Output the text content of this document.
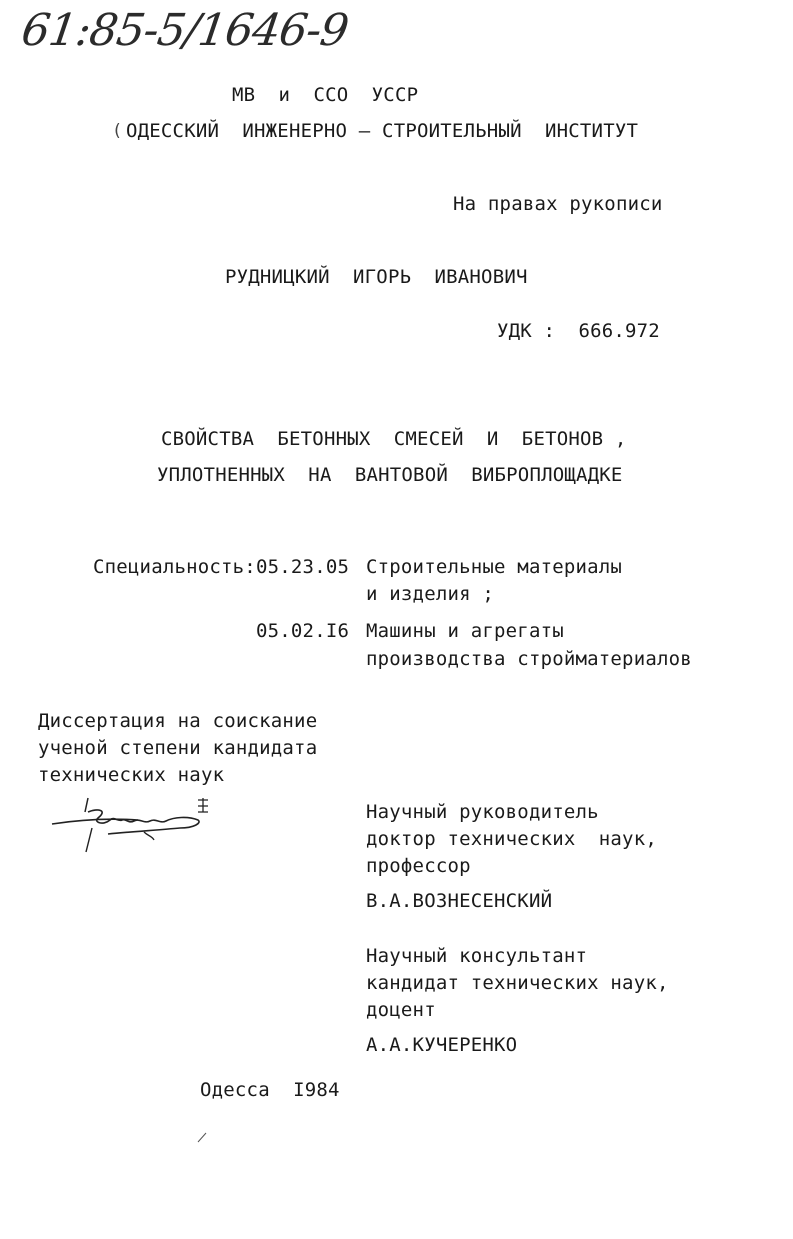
61:85-5/1646-9
МВ  и  ССО  УССР
ОДЕССКИЙ  ИНЖЕНЕРНО – СТРОИТЕЛЬНЫЙ  ИНСТИТУТ
(
На правах рукописи
РУДНИЦКИЙ  ИГОРЬ  ИВАНОВИЧ
УДК :  666.972
СВОЙСТВА  БЕТОННЫХ  СМЕСЕЙ  И  БЕТОНОВ ,
УПЛОТНЕННЫХ  НА  ВАНТОВОЙ  ВИБРОПЛОЩАДКЕ
Специальность: 05.23.05 Строительные материалы
и изделия ;
05.02.I6 Машины и агрегаты
производства стройматериалов
Диссертация на соискание
ученой степени кандидата
технических наук
Научный руководитель
доктор технических  наук,
профессор
В.А.ВОЗНЕСЕНСКИЙ
Научный консультант
кандидат технических наук,
доцент
А.А.КУЧЕРЕНКО
Одесса  I984
